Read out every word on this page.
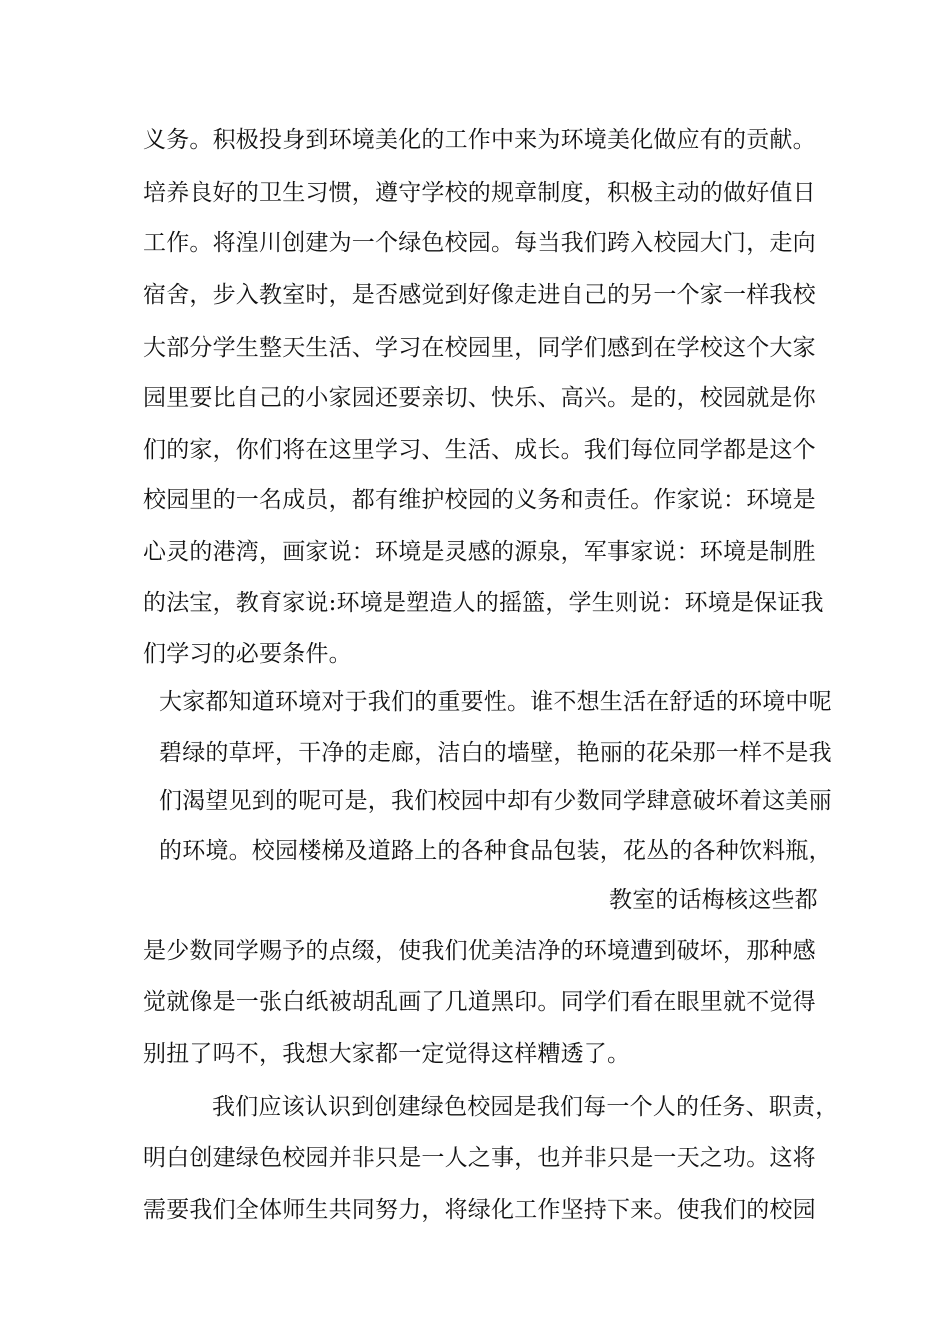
义务。积极投身到环境美化的工作中来为环境美化做应有的贡献。
培养良好的卫生习惯，遵守学校的规章制度，积极主动的做好值日
工作。将湟川创建为一个绿色校园。每当我们跨入校园大门，走向
宿舍，步入教室时，是否感觉到好像走进自己的另一个家一样我校
大部分学生整天生活、学习在校园里，同学们感到在学校这个大家
园里要比自己的小家园还要亲切、快乐、高兴。是的，校园就是你
们的家，你们将在这里学习、生活、成长。我们每位同学都是这个
校园里的一名成员，都有维护校园的义务和责任。作家说：环境是
心灵的港湾，画家说：环境是灵感的源泉，军事家说：环境是制胜
的法宝，教育家说:环境是塑造人的摇篮，学生则说：环境是保证我
们学习的必要条件。
大家都知道环境对于我们的重要性。谁不想生活在舒适的环境中呢
碧绿的草坪，干净的走廊，洁白的墙壁，艳丽的花朵那一样不是我
们渴望见到的呢可是，我们校园中却有少数同学肆意破坏着这美丽
的环境。校园楼梯及道路上的各种食品包装，花丛的各种饮料瓶，
教室的话梅核这些都
是少数同学赐予的点缀，使我们优美洁净的环境遭到破坏，那种感
觉就像是一张白纸被胡乱画了几道黑印。同学们看在眼里就不觉得
别扭了吗不，我想大家都一定觉得这样糟透了。
我们应该认识到创建绿色校园是我们每一个人的任务、职责，
明白创建绿色校园并非只是一人之事，也并非只是一天之功。这将
需要我们全体师生共同努力，将绿化工作坚持下来。使我们的校园
